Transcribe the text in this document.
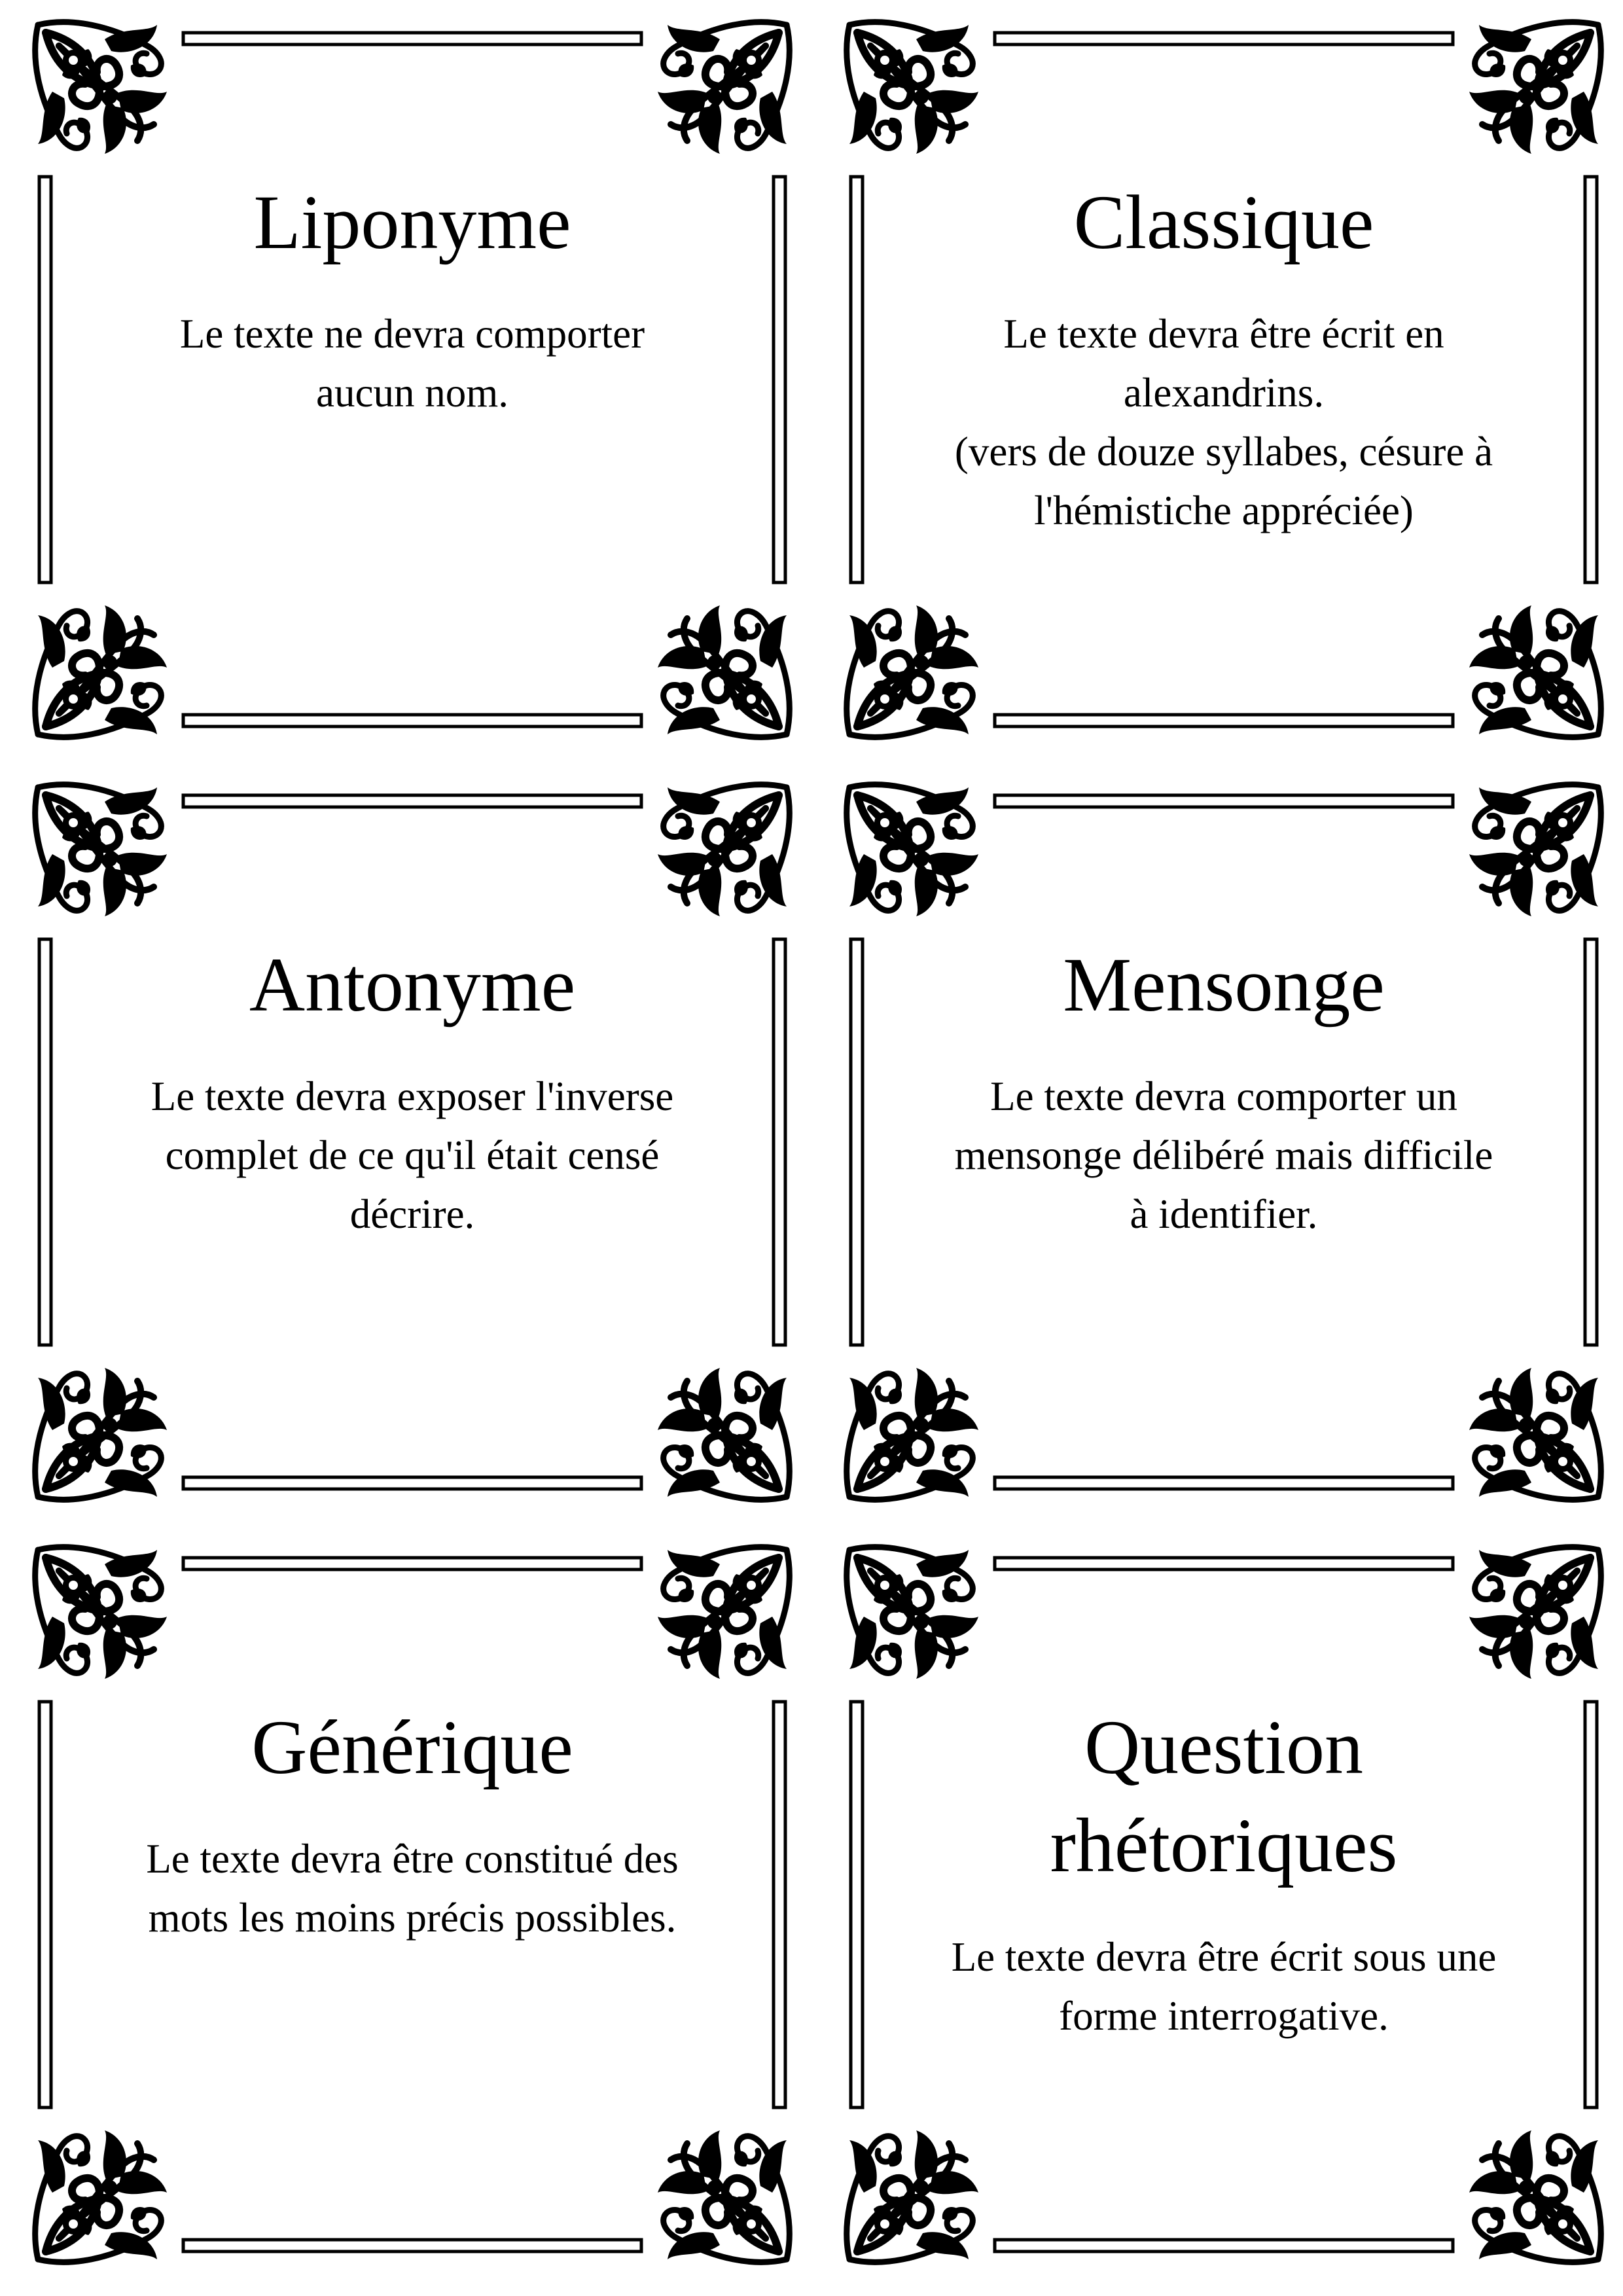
Liponyme

Le texte ne devra comporter
aucun nom.

Classique

Le texte devra être écrit en
alexandrins.
(vers de douze syllabes, césure à
l'hémistiche appréciée)

Antonyme

Le texte devra exposer l'inverse
complet de ce qu'il était censé
décrire.

Mensonge

Le texte devra comporter un
mensonge délibéré mais difficile
à identifier.

Générique

Le texte devra être constitué des
mots les moins précis possibles.

Question
rhétoriques

Le texte devra être écrit sous une
forme interrogative.
